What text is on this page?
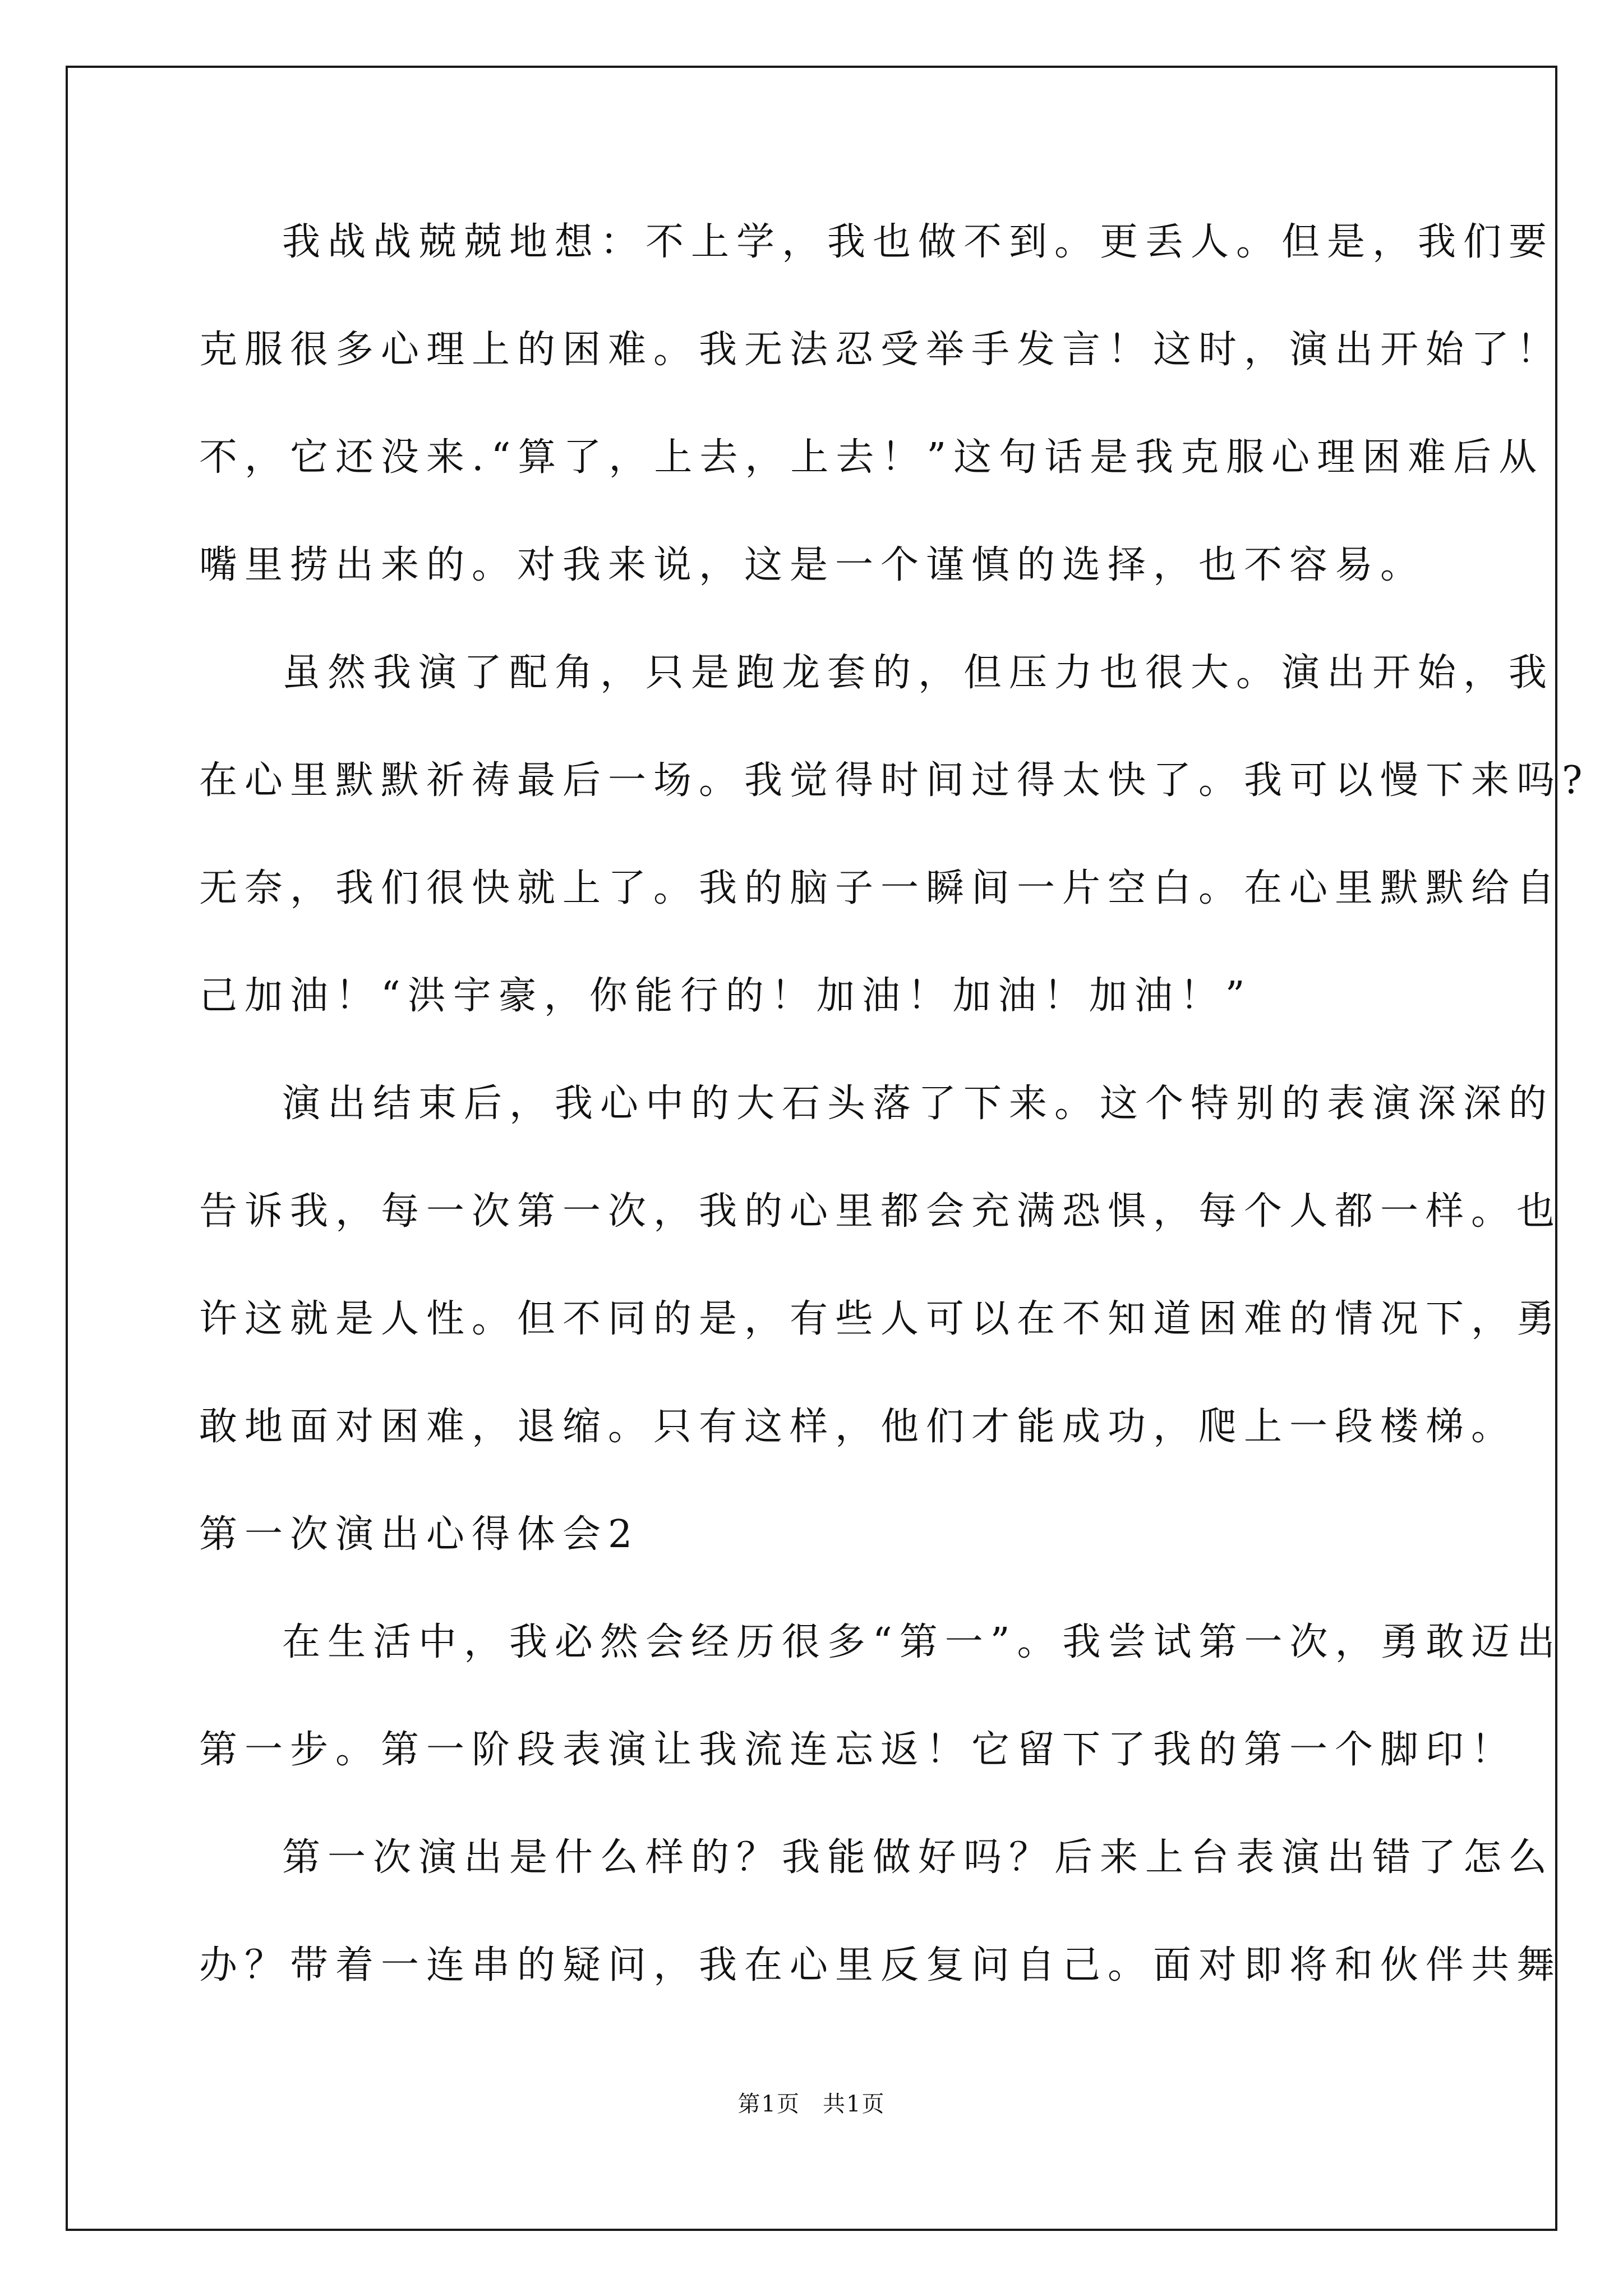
我战战兢兢地想：不上学，我也做不到。更丢人。但是，我们要
克服很多心理上的困难。我无法忍受举手发言！这时，演出开始了！
不，它还没来.“算了，上去，上去！”这句话是我克服心理困难后从
嘴里捞出来的。对我来说，这是一个谨慎的选择，也不容易。
虽然我演了配角，只是跑龙套的，但压力也很大。演出开始，我
在心里默默祈祷最后一场。我觉得时间过得太快了。我可以慢下来吗?
无奈，我们很快就上了。我的脑子一瞬间一片空白。在心里默默给自
己加油！“洪宇豪，你能行的！加油！加油！加油！”
演出结束后，我心中的大石头落了下来。这个特别的表演深深的
告诉我，每一次第一次，我的心里都会充满恐惧，每个人都一样。也
许这就是人性。但不同的是，有些人可以在不知道困难的情况下，勇
敢地面对困难，退缩。只有这样，他们才能成功，爬上一段楼梯。
第一次演出心得体会2
在生活中，我必然会经历很多“第一”。我尝试第一次，勇敢迈出
第一步。第一阶段表演让我流连忘返！它留下了我的第一个脚印！
第一次演出是什么样的？我能做好吗？后来上台表演出错了怎么
办？带着一连串的疑问，我在心里反复问自己。面对即将和伙伴共舞
第1页 共1页
